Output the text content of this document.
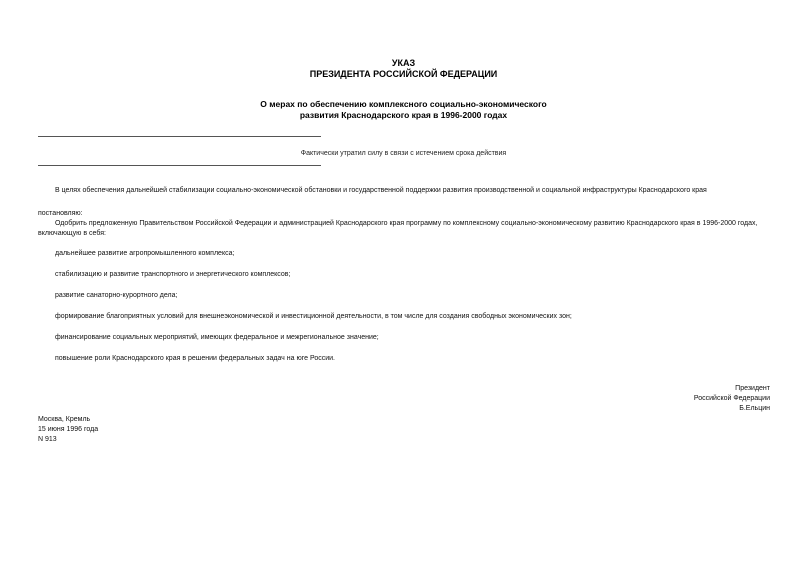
УКАЗ
ПРЕЗИДЕНТА РОССИЙСКОЙ ФЕДЕРАЦИИ
О мерах по обеспечению комплексного социально-экономического
развития Краснодарского края в 1996-2000 годах
Фактически утратил силу в связи с истечением срока действия
В целях обеспечения дальнейшей стабилизации социально-экономической обстановки и государственной поддержки развития производственной и социальной инфраструктуры Краснодарского края
постановляю:
Одобрить предложенную Правительством Российской Федерации и администрацией Краснодарского края программу по комплексному социально-экономическому развитию Краснодарского края в 1996-2000 годах, включающую в себя:
дальнейшее развитие агропромышленного комплекса;
стабилизацию и развитие транспортного и энергетического комплексов;
развитие санаторно-курортного дела;
формирование благоприятных условий для внешнеэкономической и инвестиционной деятельности, в том числе для создания свободных экономических зон;
финансирование социальных мероприятий, имеющих федеральное и межрегиональное значение;
повышение роли Краснодарского края в решении федеральных задач на юге России.
Президент
Российской Федерации
Б.Ельцин
Москва, Кремль
15 июня 1996 года
N 913
